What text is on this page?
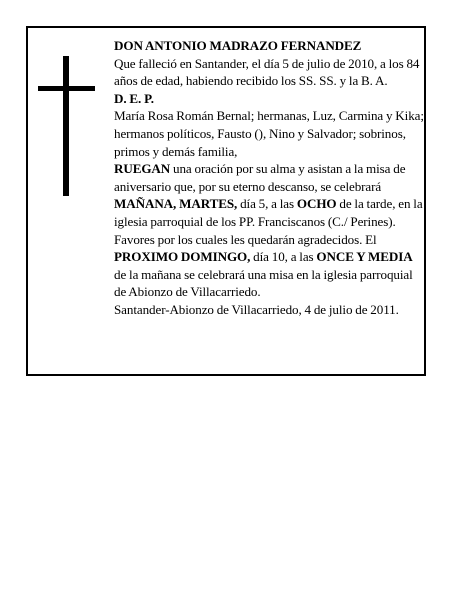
DON ANTONIO MADRAZO FERNANDEZ

Que falleció en Santander, el día 5 de julio de 2010, a los 84 años de edad, habiendo recibido los SS. SS. y la B. A.

D. E. P.

María Rosa Román Bernal; hermanas, Luz, Carmina y Kika; hermanos políticos, Fausto (), Nino y Salvador; sobrinos, primos y demás familia,

RUEGAN una oración por su alma y asistan a la misa de aniversario que, por su eterno descanso, se celebrará MAÑANA, MARTES, día 5, a las OCHO de la tarde, en la iglesia parroquial de los PP. Franciscanos (C./ Perines). Favores por los cuales les quedarán agradecidos. El PROXIMO DOMINGO, día 10, a las ONCE Y MEDIA de la mañana se celebrará una misa en la iglesia parroquial de Abionzo de Villacarriedo.

Santander-Abionzo de Villacarriedo, 4 de julio de 2011.
